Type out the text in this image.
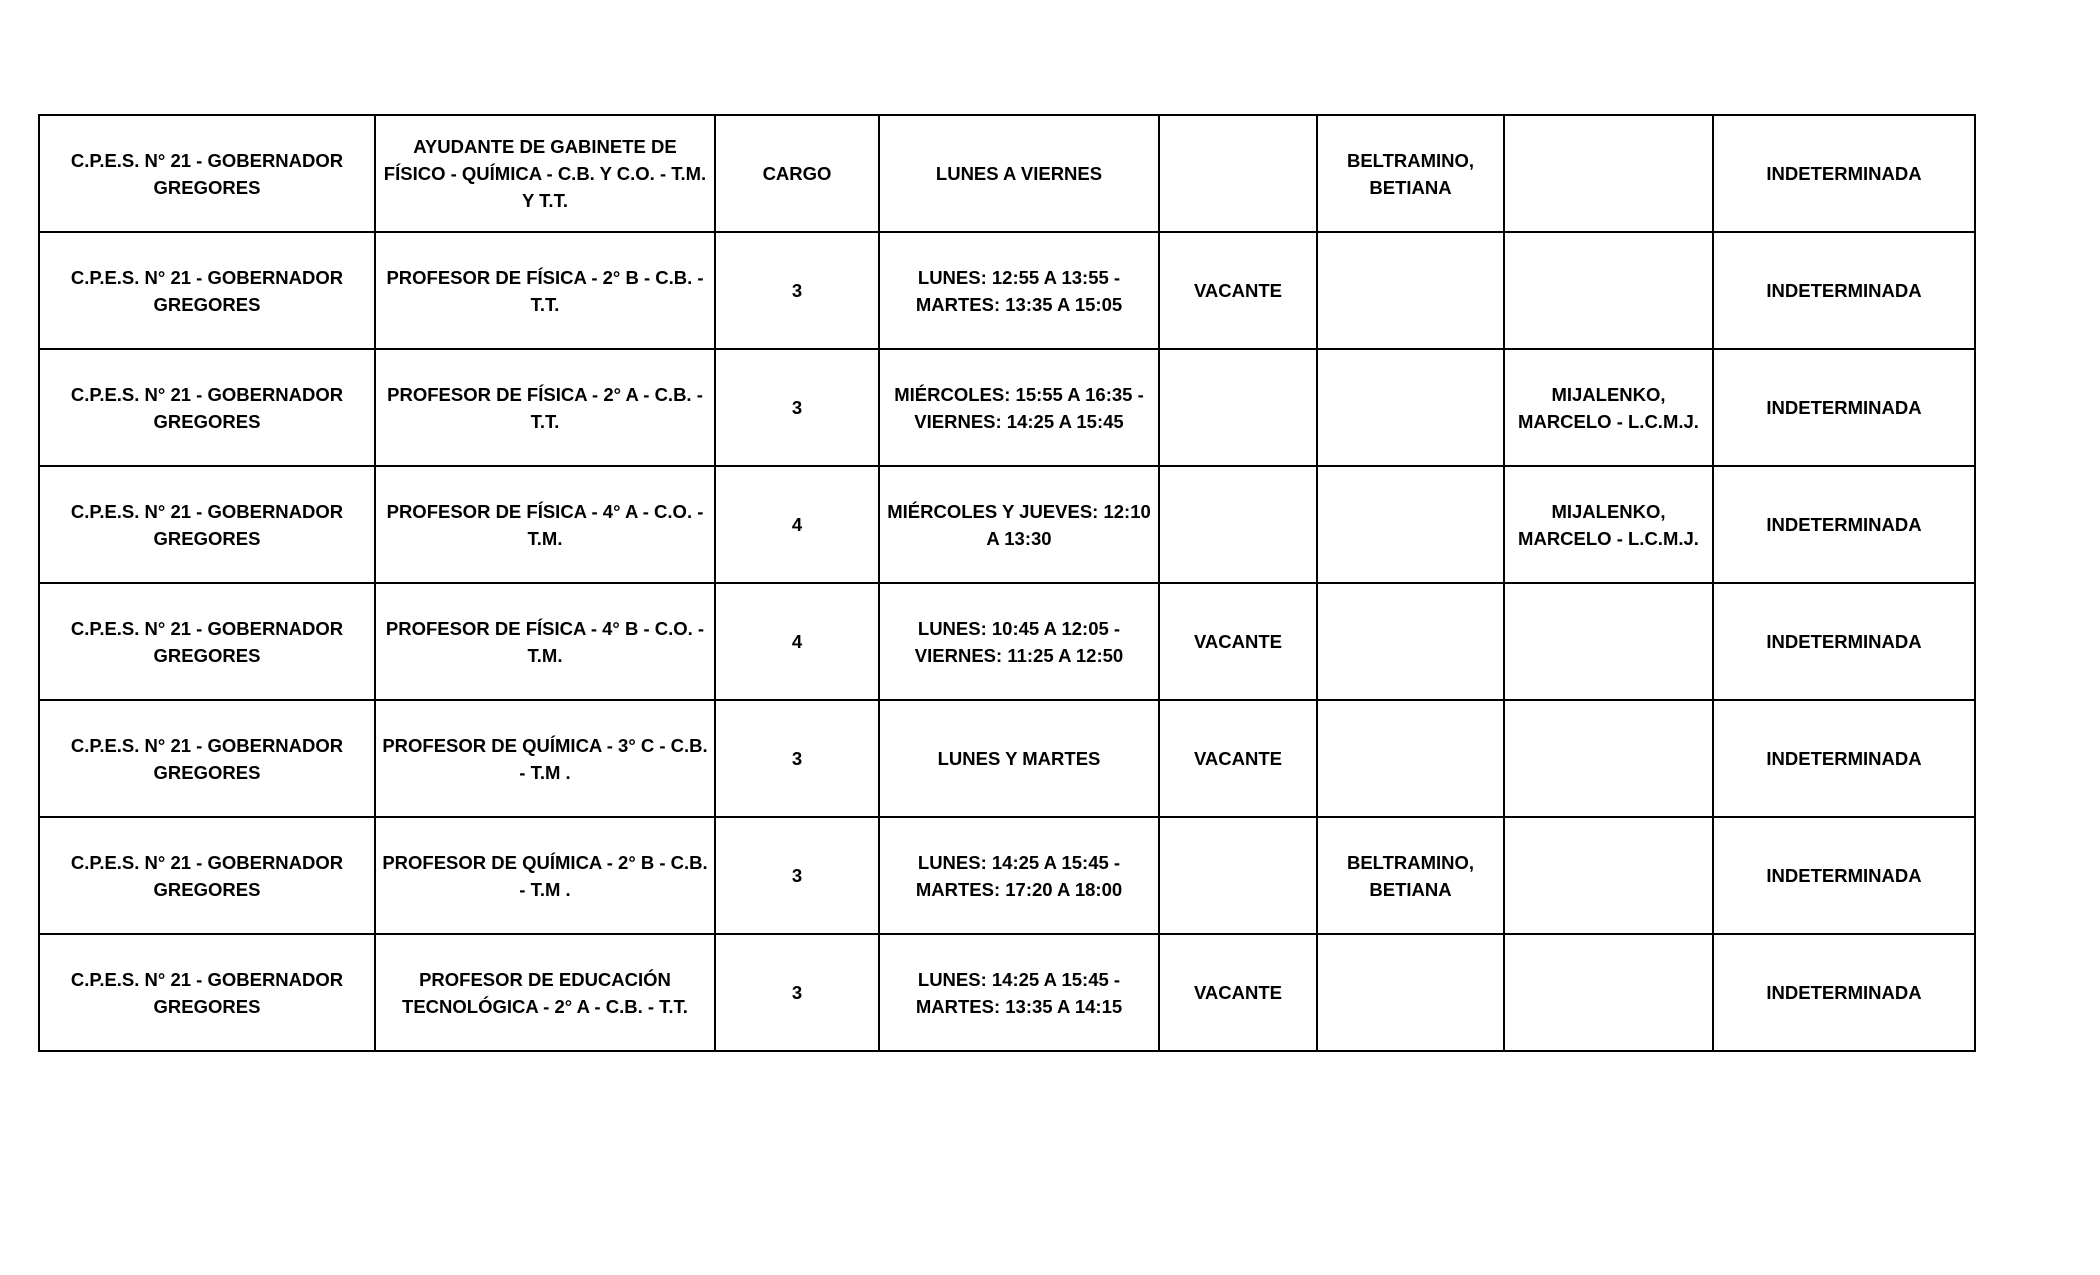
C.P.E.S. N° 21 - GOBERNADOR GREGORES	AYUDANTE DE GABINETE DE FÍSICO - QUÍMICA - C.B. Y C.O. - T.M. Y T.T.	CARGO	LUNES A VIERNES		BELTRAMINO, BETIANA		INDETERMINADA
C.P.E.S. N° 21 - GOBERNADOR GREGORES	PROFESOR DE FÍSICA - 2° B - C.B. - T.T.	3	LUNES: 12:55 A 13:55 - MARTES: 13:35 A 15:05	VACANTE			INDETERMINADA
C.P.E.S. N° 21 - GOBERNADOR GREGORES	PROFESOR DE FÍSICA - 2° A - C.B. - T.T.	3	MIÉRCOLES: 15:55 A 16:35 - VIERNES: 14:25 A 15:45			MIJALENKO, MARCELO - L.C.M.J.	INDETERMINADA
C.P.E.S. N° 21 - GOBERNADOR GREGORES	PROFESOR DE FÍSICA - 4° A - C.O. - T.M.	4	MIÉRCOLES Y JUEVES: 12:10 A 13:30			MIJALENKO, MARCELO - L.C.M.J.	INDETERMINADA
C.P.E.S. N° 21 - GOBERNADOR GREGORES	PROFESOR DE FÍSICA - 4° B - C.O. - T.M.	4	LUNES: 10:45 A 12:05 - VIERNES: 11:25 A 12:50	VACANTE			INDETERMINADA
C.P.E.S. N° 21 - GOBERNADOR GREGORES	PROFESOR DE QUÍMICA - 3° C - C.B. - T.M .	3	LUNES Y MARTES	VACANTE			INDETERMINADA
C.P.E.S. N° 21 - GOBERNADOR GREGORES	PROFESOR DE QUÍMICA - 2° B - C.B. - T.M .	3	LUNES: 14:25 A 15:45 - MARTES: 17:20 A 18:00		BELTRAMINO, BETIANA		INDETERMINADA
C.P.E.S. N° 21 - GOBERNADOR GREGORES	PROFESOR DE EDUCACIÓN TECNOLÓGICA - 2° A - C.B. - T.T.	3	LUNES: 14:25 A 15:45 - MARTES: 13:35 A 14:15	VACANTE			INDETERMINADA
